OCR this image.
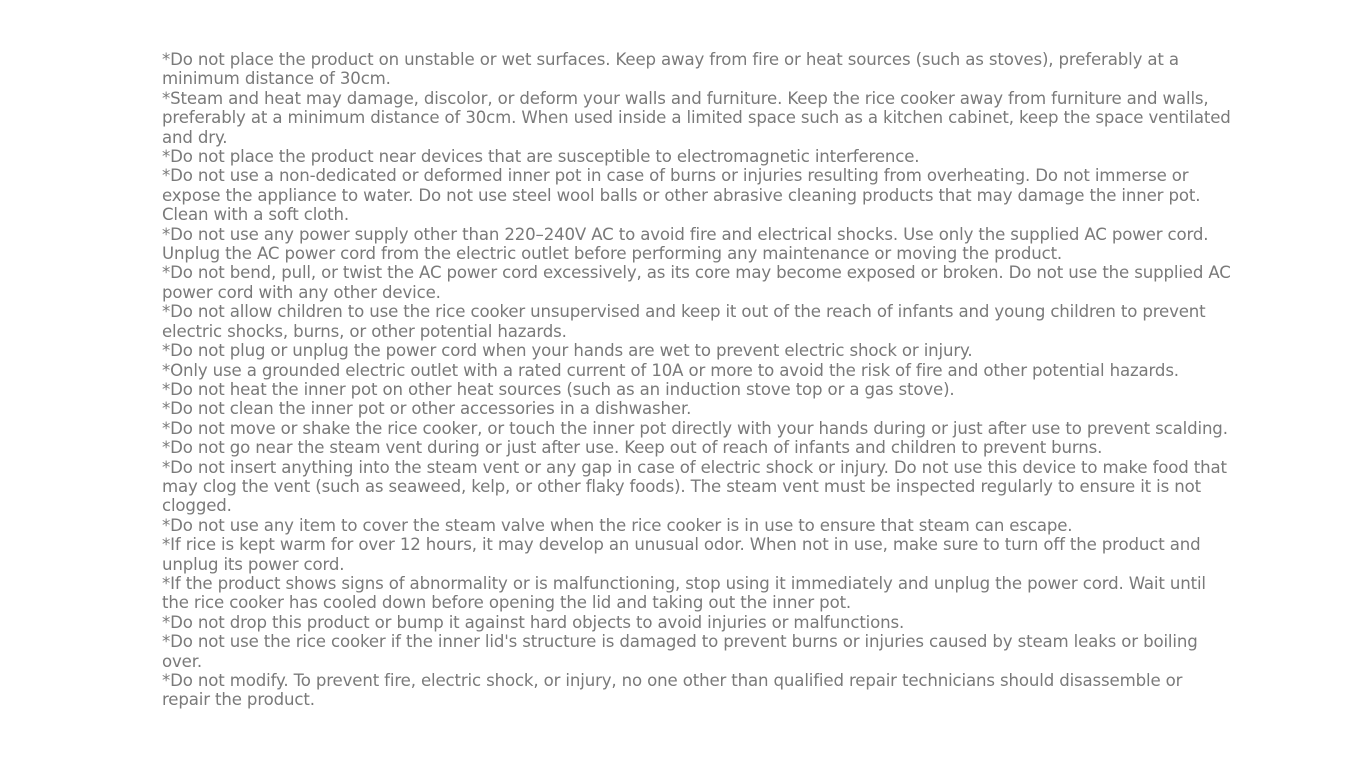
*Do not place the product on unstable or wet surfaces. Keep away from fire or heat sources (such as stoves), preferably at a minimum distance of 30cm.
*Steam and heat may damage, discolor, or deform your walls and furniture. Keep the rice cooker away from furniture and walls, preferably at a minimum distance of 30cm. When used inside a limited space such as a kitchen cabinet, keep the space ventilated and dry.
*Do not place the product near devices that are susceptible to electromagnetic interference.
*Do not use a non-dedicated or deformed inner pot in case of burns or injuries resulting from overheating. Do not immerse or expose the appliance to water. Do not use steel wool balls or other abrasive cleaning products that may damage the inner pot. Clean with a soft cloth.
*Do not use any power supply other than 220–240V AC to avoid fire and electrical shocks. Use only the supplied AC power cord. Unplug the AC power cord from the electric outlet before performing any maintenance or moving the product.
*Do not bend, pull, or twist the AC power cord excessively, as its core may become exposed or broken. Do not use the supplied AC power cord with any other device.
*Do not allow children to use the rice cooker unsupervised and keep it out of the reach of infants and young children to prevent electric shocks, burns, or other potential hazards.
*Do not plug or unplug the power cord when your hands are wet to prevent electric shock or injury.
*Only use a grounded electric outlet with a rated current of 10A or more to avoid the risk of fire and other potential hazards.
*Do not heat the inner pot on other heat sources (such as an induction stove top or a gas stove).
*Do not clean the inner pot or other accessories in a dishwasher.
*Do not move or shake the rice cooker, or touch the inner pot directly with your hands during or just after use to prevent scalding.
*Do not go near the steam vent during or just after use. Keep out of reach of infants and children to prevent burns.
*Do not insert anything into the steam vent or any gap in case of electric shock or injury. Do not use this device to make food that may clog the vent (such as seaweed, kelp, or other flaky foods). The steam vent must be inspected regularly to ensure it is not clogged.
*Do not use any item to cover the steam valve when the rice cooker is in use to ensure that steam can escape.
*If rice is kept warm for over 12 hours, it may develop an unusual odor. When not in use, make sure to turn off the product and unplug its power cord.
*If the product shows signs of abnormality or is malfunctioning, stop using it immediately and unplug the power cord. Wait until the rice cooker has cooled down before opening the lid and taking out the inner pot.
*Do not drop this product or bump it against hard objects to avoid injuries or malfunctions.
*Do not use the rice cooker if the inner lid's structure is damaged to prevent burns or injuries caused by steam leaks or boiling over.
*Do not modify. To prevent fire, electric shock, or injury, no one other than qualified repair technicians should disassemble or repair the product.
